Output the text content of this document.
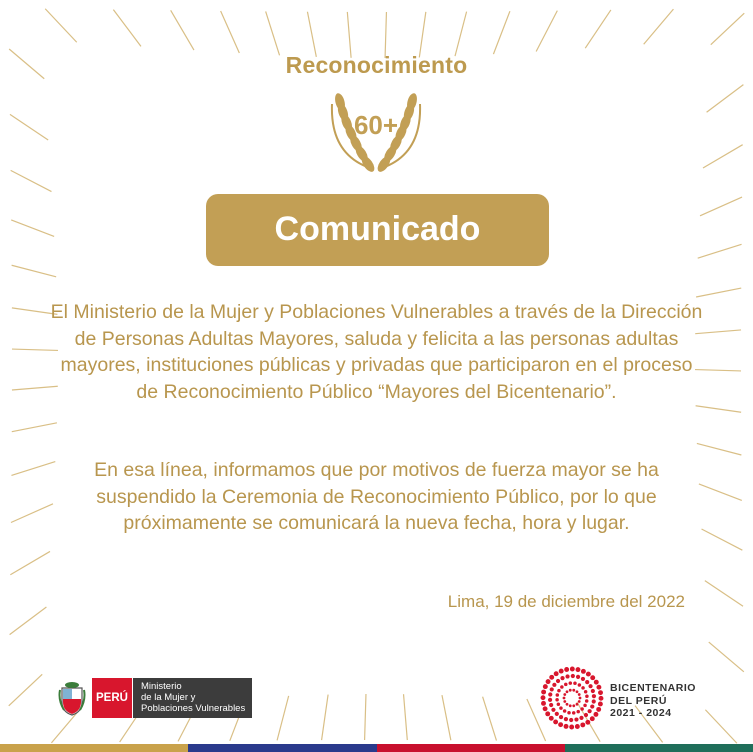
Reconocimiento
60+
Comunicado

El Ministerio de la Mujer y Poblaciones Vulnerables a través de la Dirección de Personas Adultas Mayores, saluda y felicita a las personas adultas mayores, instituciones públicas y privadas que participaron en el proceso de Reconocimiento Público “Mayores del Bicentenario”.

En esa línea, informamos que por motivos de fuerza mayor se ha suspendido la Ceremonia de Reconocimiento Público, por lo que próximamente se comunicará la nueva fecha, hora y lugar.

Lima, 19 de diciembre del 2022
PERÚ
Ministerio
de la Mujer y
Poblaciones Vulnerables
BICENTENARIO
DEL PERÚ
2021 - 2024
